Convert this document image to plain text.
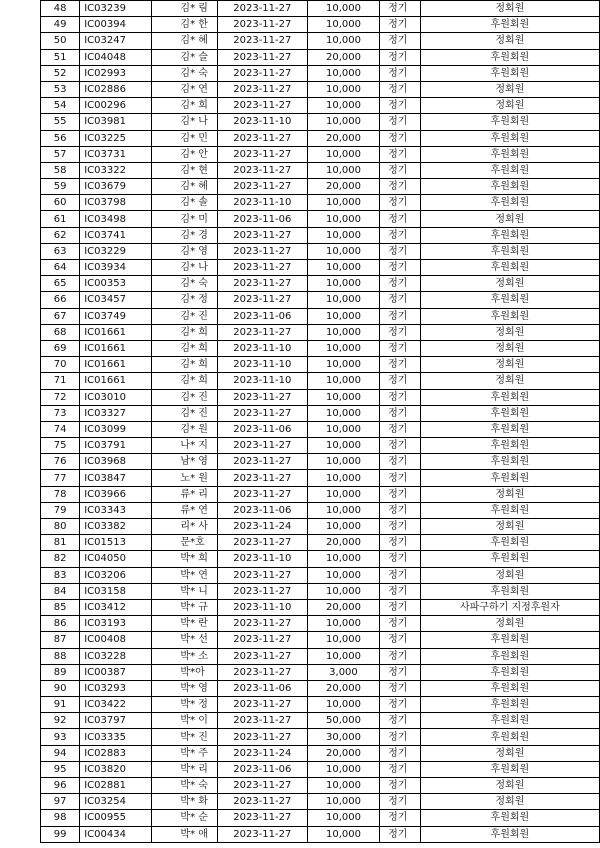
48	IC03239	김* 림	2023-11-27	10,000	정기	정회원
49	IC00394	김* 한	2023-11-27	10,000	정기	후원회원
50	IC03247	김* 혜	2023-11-27	10,000	정기	정회원
51	IC04048	김* 슬	2023-11-27	20,000	정기	후원회원
52	IC02993	김* 숙	2023-11-27	10,000	정기	후원회원
53	IC02886	김* 연	2023-11-27	10,000	정기	정회원
54	IC00296	김* 희	2023-11-27	10,000	정기	정회원
55	IC03981	김* 나	2023-11-10	10,000	정기	후원회원
56	IC03225	김* 민	2023-11-27	20,000	정기	후원회원
57	IC03731	김* 안	2023-11-27	10,000	정기	후원회원
58	IC03322	김* 현	2023-11-27	10,000	정기	후원회원
59	IC03679	김* 혜	2023-11-27	20,000	정기	후원회원
60	IC03798	김* 솔	2023-11-10	10,000	정기	후원회원
61	IC03498	김* 미	2023-11-06	10,000	정기	정회원
62	IC03741	김* 경	2023-11-27	10,000	정기	후원회원
63	IC03229	김* 영	2023-11-27	10,000	정기	후원회원
64	IC03934	김* 나	2023-11-27	10,000	정기	후원회원
65	IC00353	김* 숙	2023-11-27	10,000	정기	정회원
66	IC03457	김* 정	2023-11-27	10,000	정기	후원회원
67	IC03749	김* 진	2023-11-06	10,000	정기	후원회원
68	IC01661	김* 희	2023-11-27	10,000	정기	정회원
69	IC01661	김* 희	2023-11-10	10,000	정기	정회원
70	IC01661	김* 희	2023-11-10	10,000	정기	정회원
71	IC01661	김* 희	2023-11-10	10,000	정기	정회원
72	IC03010	김* 진	2023-11-27	10,000	정기	후원회원
73	IC03327	김* 진	2023-11-27	10,000	정기	후원회원
74	IC03099	김* 원	2023-11-06	10,000	정기	후원회원
75	IC03791	나* 지	2023-11-27	10,000	정기	후원회원
76	IC03968	남* 영	2023-11-27	10,000	정기	후원회원
77	IC03847	노* 원	2023-11-27	10,000	정기	후원회원
78	IC03966	류* 리	2023-11-27	10,000	정기	정회원
79	IC03343	류* 연	2023-11-06	10,000	정기	후원회원
80	IC03382	리* 사	2023-11-24	10,000	정기	정회원
81	IC01513	문*호	2023-11-27	20,000	정기	후원회원
82	IC04050	박* 희	2023-11-10	10,000	정기	후원회원
83	IC03206	박* 연	2023-11-27	10,000	정기	정회원
84	IC03158	박* 니	2023-11-27	10,000	정기	후원회원
85	IC03412	박* 규	2023-11-10	20,000	정기	사파구하기 지정후원자
86	IC03193	박* 란	2023-11-27	10,000	정기	정회원
87	IC00408	박* 선	2023-11-27	10,000	정기	후원회원
88	IC03228	박* 소	2023-11-27	10,000	정기	후원회원
89	IC00387	박*아	2023-11-27	3,000	정기	후원회원
90	IC03293	박* 영	2023-11-06	20,000	정기	후원회원
91	IC03422	박* 정	2023-11-27	10,000	정기	후원회원
92	IC03797	박* 이	2023-11-27	50,000	정기	후원회원
93	IC03335	박* 진	2023-11-27	30,000	정기	후원회원
94	IC02883	박* 주	2023-11-24	20,000	정기	정회원
95	IC03820	박* 리	2023-11-06	10,000	정기	후원회원
96	IC02881	박* 숙	2023-11-27	10,000	정기	정회원
97	IC03254	박* 화	2023-11-27	10,000	정기	정회원
98	IC00955	박* 순	2023-11-27	10,000	정기	후원회원
99	IC00434	박* 애	2023-11-27	10,000	정기	후원회원
